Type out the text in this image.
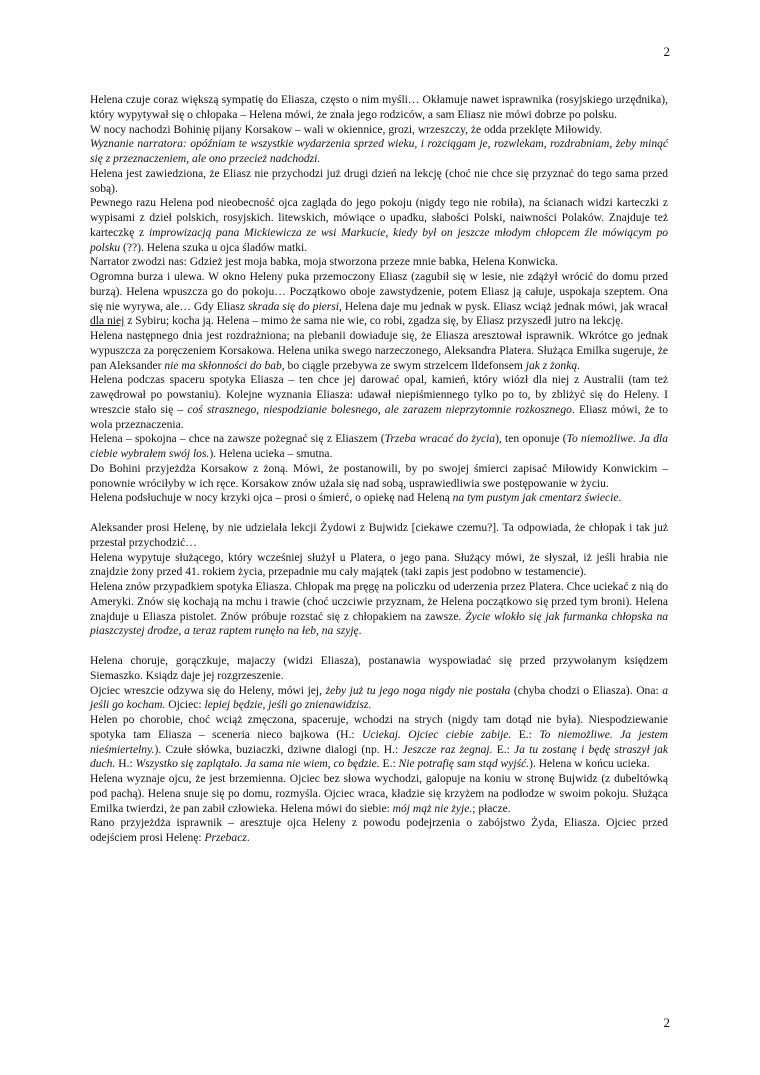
2

Helena czuje coraz większą sympatię do Eliasza, często o nim myśli… Okłamuje nawet isprawnika (rosyjskiego urzędnika), który wypytywał się o chłopaka – Helena mówi, że znała jego rodziców, a sam Eliasz nie mówi dobrze po polsku.

W nocy nachodzi Bohinię pijany Korsakow – wali w okiennice, grozi, wrzeszczy, że odda przeklęte Miłowidy.

Wyznanie narratora: opóźniam te wszystkie wydarzenia sprzed wieku, i rozciągam je, rozwlekam, rozdrabniam, żeby minąć się z przeznaczeniem, ale ono przecież nadchodzi.

Helena jest zawiedziona, że Eliasz nie przychodzi już drugi dzień na lekcję (choć nie chce się przyznać do tego sama przed sobą).

Pewnego razu Helena pod nieobecność ojca zagląda do jego pokoju (nigdy tego nie robiła), na ścianach widzi karteczki z wypisami z dzieł polskich, rosyjskich. litewskich, mówiące o upadku, słabości Polski, naiwności Polaków. Znajduje też karteczkę z improwizacją pana Mickiewicza ze wsi Markucie, kiedy był on jeszcze młodym chłopcem źle mówiącym po polsku (??). Helena szuka u ojca śladów matki.

Narrator zwodzi nas: Gdzież jest moja babka, moja stworzona przeze mnie babka, Helena Konwicka.

Ogromna burza i ulewa. W okno Heleny puka przemoczony Eliasz (zagubił się w lesie, nie zdążył wrócić do domu przed burzą). Helena wpuszcza go do pokoju… Początkowo oboje zawstydzenie, potem Eliasz ją całuje, uspokaja szeptem. Ona się nie wyrywa, ale… Gdy Eliasz skrada się do piersi, Helena daje mu jednak w pysk. Eliasz wciąż jednak mówi, jak wracał dla niej z Sybiru; kocha ją. Helena – mimo że sama nie wie, co robi, zgadza się, by Eliasz przyszedł jutro na lekcję.

Helena następnego dnia jest rozdrażniona; na plebanii dowiaduje się, że Eliasza aresztował isprawnik. Wkrótce go jednak wypuszcza za poręczeniem Korsakowa. Helena unika swego narzeczonego, Aleksandra Platera. Służąca Emilka sugeruje, że pan Aleksander nie ma skłonności do bab, bo ciągle przebywa ze swym strzelcem Ildefonsem jak z żonką.

Helena podczas spaceru spotyka Eliasza – ten chce jej darować opal, kamień, który wiózł dla niej z Australii (tam też zawędrował po powstaniu). Kolejne wyznania Eliasza: udawał niepiśmiennego tylko po to, by zbliżyć się do Heleny. I wreszcie stało się – coś strasznego, niespodzianie bolesnego, ale zarazem nieprzytomnie rozkosznego. Eliasz mówi, że to wola przeznaczenia.

Helena – spokojna – chce na zawsze pożegnać się z Eliaszem (Trzeba wracać do życia), ten oponuje (To niemożliwe. Ja dla ciebie wybrałem swój los.). Helena ucieka – smutna.

Do Bohini przyjeżdża Korsakow z żoną. Mówi, że postanowili, by po swojej śmierci zapisać Miłowidy Konwickim – ponownie wróciłyby w ich ręce. Korsakow znów użala się nad sobą, usprawiedliwia swe postępowanie w życiu.

Helena podsłuchuje w nocy krzyki ojca – prosi o śmierć, o opiekę nad Heleną na tym pustym jak cmentarz świecie.

Aleksander prosi Helenę, by nie udzielała lekcji Żydowi z Bujwidz [ciekawe czemu?]. Ta odpowiada, że chłopak i tak już przestał przychodzić…

Helena wypytuje służącego, który wcześniej służył u Platera, o jego pana. Służący mówi, że słyszał, iż jeśli hrabia nie znajdzie żony przed 41. rokiem życia, przepadnie mu cały majątek (taki zapis jest podobno w testamencie).

Helena znów przypadkiem spotyka Eliasza. Chłopak ma pręgę na policzku od uderzenia przez Platera. Chce uciekać z nią do Ameryki. Znów się kochają na mchu i trawie (choć uczciwie przyznam, że Helena początkowo się przed tym broni). Helena znajduje u Eliasza pistolet. Znów próbuje rozstać się z chłopakiem na zawsze. Życie wlokło się jak furmanka chłopska na piaszczystej drodze, a teraz raptem runęło na łeb, na szyję.

Helena choruje, gorączkuje, majaczy (widzi Eliasza), postanawia wyspowiadać się przed przywołanym księdzem Siemaszko. Ksiądz daje jej rozgrzeszenie.

Ojciec wreszcie odzywa się do Heleny, mówi jej, żeby już tu jego noga nigdy nie postała (chyba chodzi o Eliasza). Ona: a jeśli go kocham. Ojciec: lepiej będzie, jeśli go znienawidzisz.

Helen po chorobie, choć wciąż zmęczona, spaceruje, wchodzi na strych (nigdy tam dotąd nie była). Niespodziewanie spotyka tam Eliasza – sceneria nieco bajkowa (H.: Uciekaj. Ojciec ciebie zabije. E.: To niemożliwe. Ja jestem nieśmiertelny.). Czułe słówka, buziaczki, dziwne dialogi (np. H.: Jeszcze raz żegnaj. E.: Ja tu zostanę i będę straszył jak duch. H.: Wszystko się zaplątało. Ja sama nie wiem, co będzie. E.: Nie potrafię sam stąd wyjść.). Helena w końcu ucieka.

Helena wyznaje ojcu, że jest brzemienna. Ojciec bez słowa wychodzi, galopuje na koniu w stronę Bujwidz (z dubeltówką pod pachą). Helena snuje się po domu, rozmyśla. Ojciec wraca, kładzie się krzyżem na podłodze w swoim pokoju. Służąca Emilka twierdzi, że pan zabił człowieka. Helena mówi do siebie: mój mąż nie żyje.; płacze.

Rano przyjeżdża isprawnik – aresztuje ojca Heleny z powodu podejrzenia o zabójstwo Żyda, Eliasza. Ojciec przed odejściem prosi Helenę: Przebacz.

2
